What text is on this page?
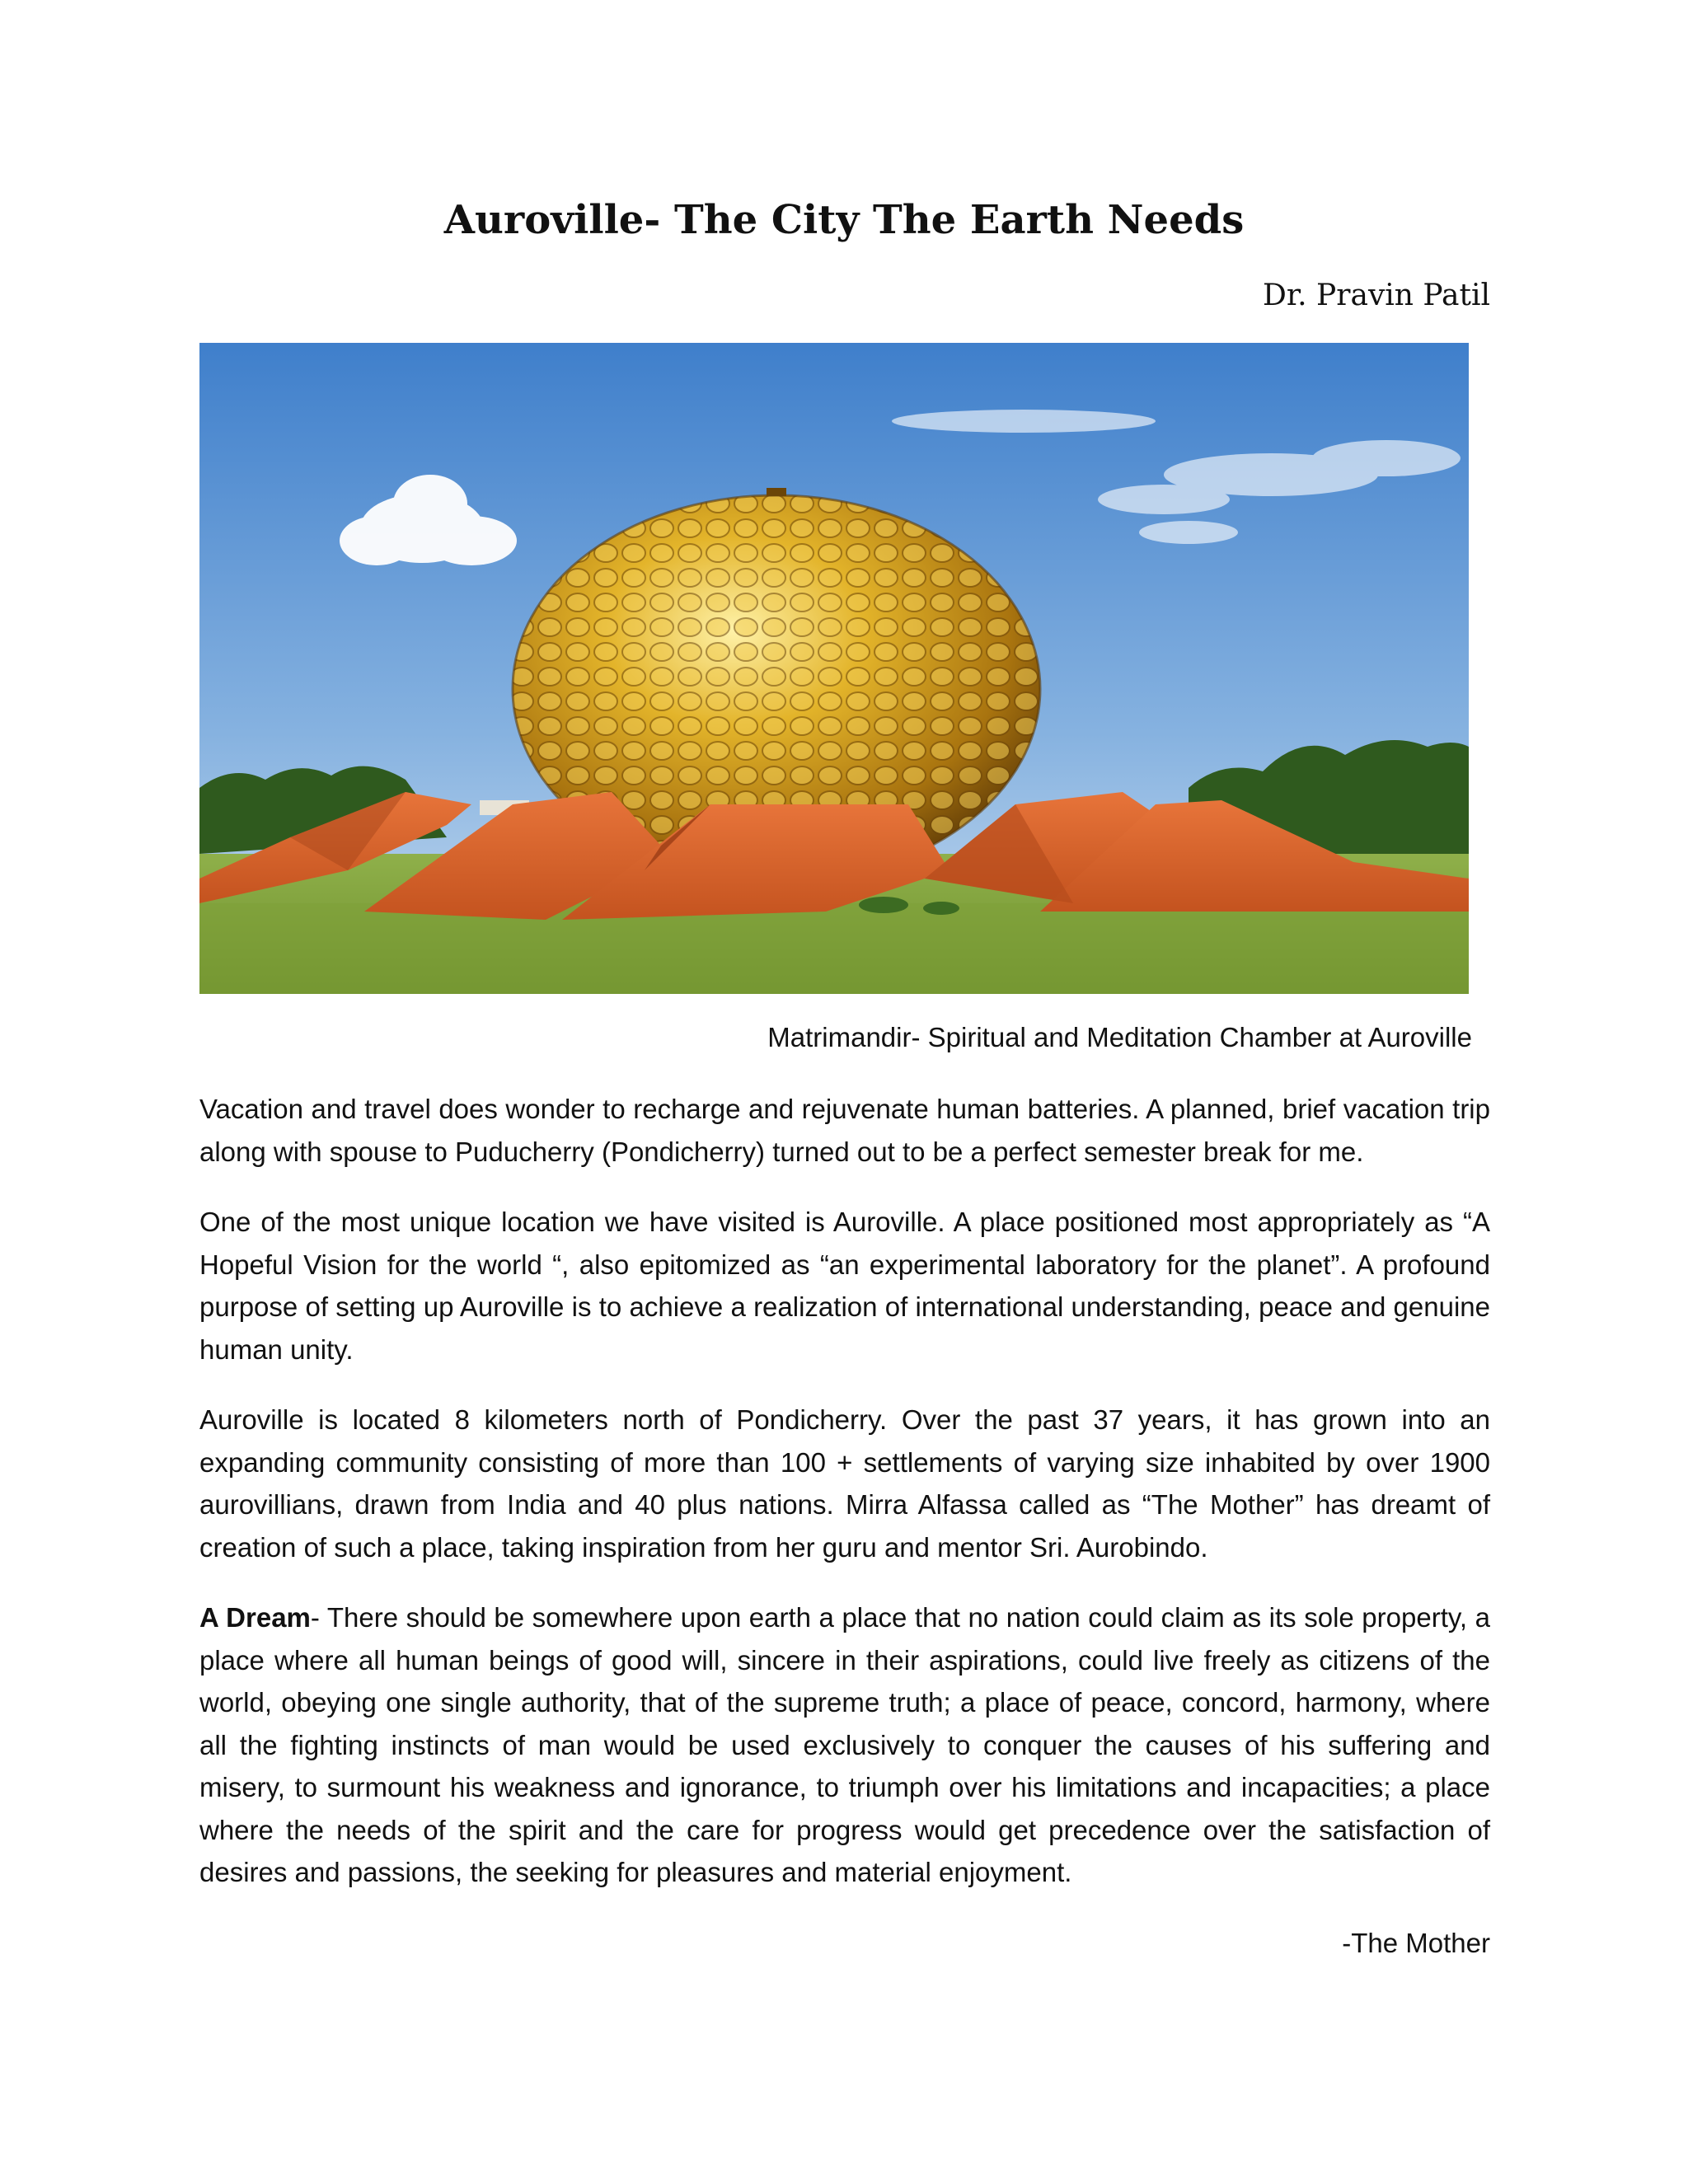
Auroville- The City The Earth Needs
Dr. Pravin Patil
Matrimandir- Spiritual and Meditation Chamber at Auroville

Vacation and travel does wonder to recharge and rejuvenate human batteries. A planned, brief vacation trip along with spouse to Puducherry (Pondicherry) turned out to be a perfect semester break for me.

One of the most unique location we have visited is Auroville. A place positioned most appropriately as “A Hopeful Vision for the world “, also epitomized as “an experimental laboratory for the planet”. A profound purpose of setting up Auroville is to achieve a realization of international understanding, peace and genuine human unity.

Auroville is located 8 kilometers north of Pondicherry. Over the past 37 years, it has grown into an expanding community consisting of more than 100 + settlements of varying size inhabited by over 1900 aurovillians, drawn from India and 40 plus nations. Mirra Alfassa called as “The Mother” has dreamt of creation of such a place, taking inspiration from her guru and mentor Sri. Aurobindo.

A Dream- There should be somewhere upon earth a place that no nation could claim as its sole property, a place where all human beings of good will, sincere in their aspirations, could live freely as citizens of the world, obeying one single authority, that of the supreme truth; a place of peace, concord, harmony, where all the fighting instincts of man would be used exclusively to conquer the causes of his suffering and misery, to surmount his weakness and ignorance, to triumph over his limitations and incapacities; a place where the needs of the spirit and the care for progress would get precedence over the satisfaction of desires and passions, the seeking for pleasures and material enjoyment.

-The Mother
